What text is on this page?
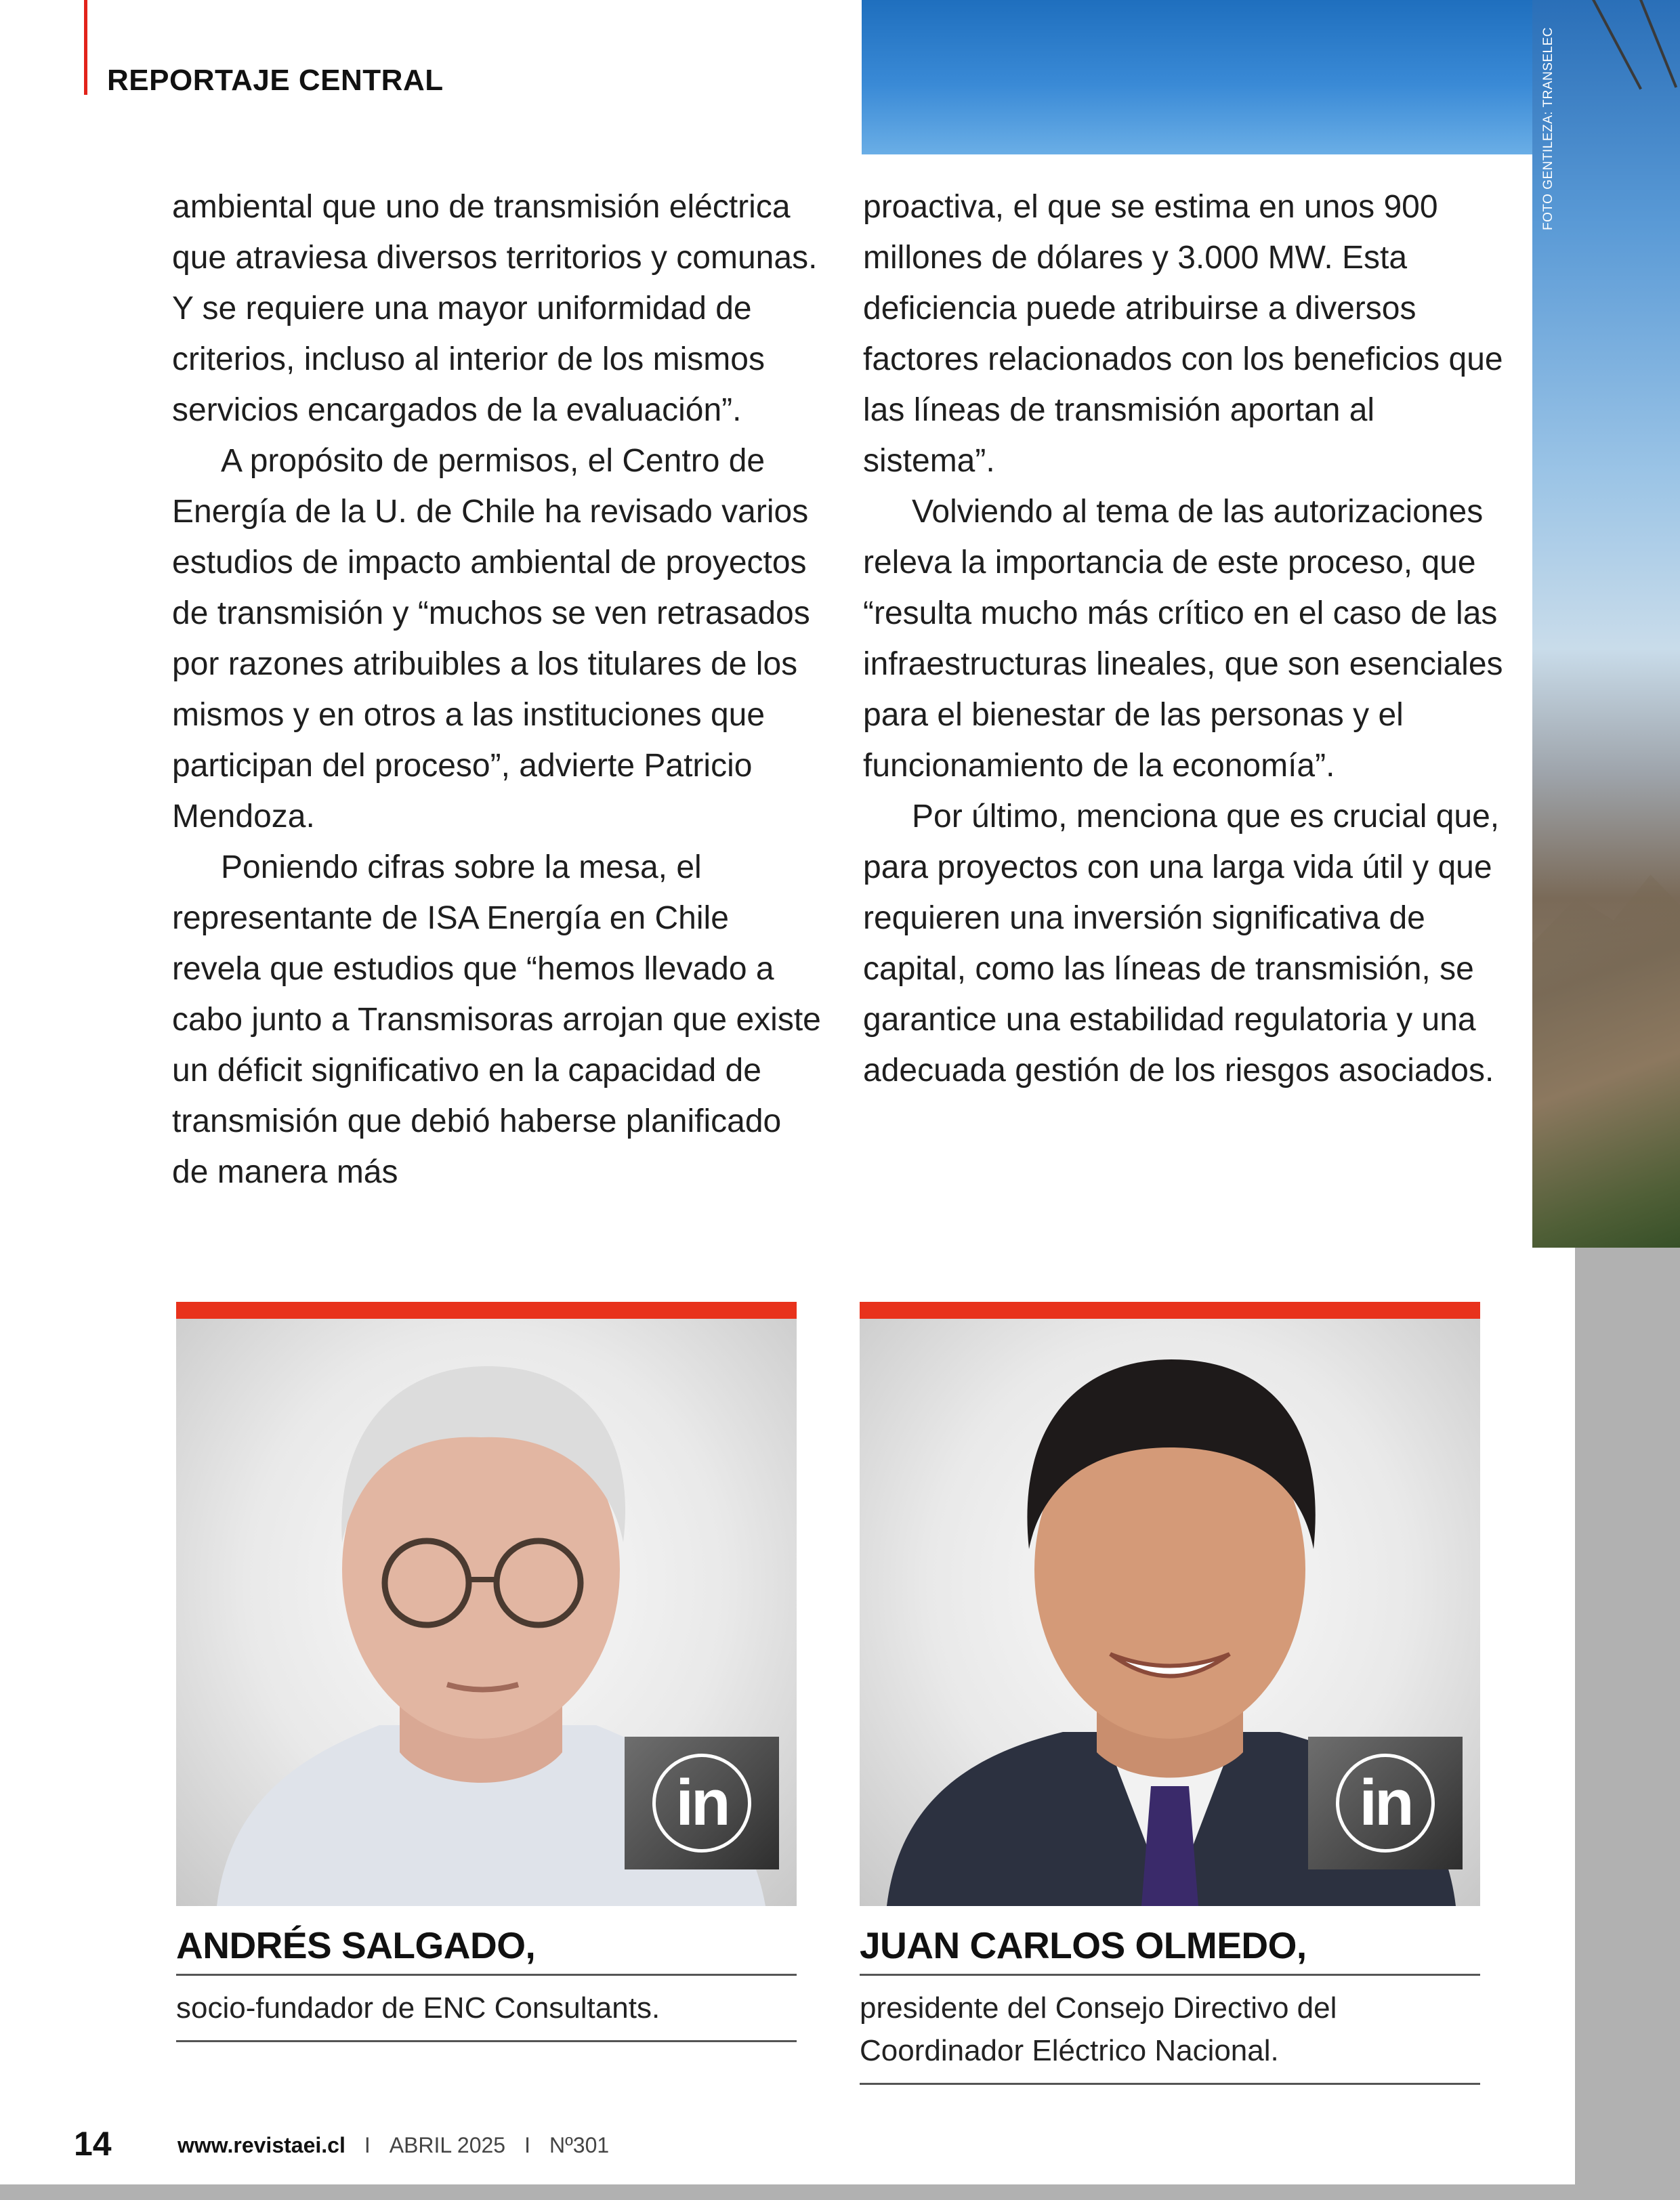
REPORTAJE CENTRAL

ambiental que uno de transmisión eléctrica que atraviesa diversos territorios y comunas. Y se requiere una mayor uniformidad de criterios, incluso al interior de los mismos servicios encargados de la evaluación”.

A propósito de permisos, el Centro de Energía de la U. de Chile ha revisado varios estudios de impacto ambiental de proyectos de transmisión y “muchos se ven retrasados por razones atribuibles a los titulares de los mismos y en otros a las instituciones que participan del proceso”, advierte Patricio Mendoza.

Poniendo cifras sobre la mesa, el representante de ISA Energía en Chile revela que estudios que “hemos llevado a cabo junto a Transmisoras arrojan que existe un déficit significativo en la capacidad de transmisión que debió haberse planificado de manera más

proactiva, el que se estima en unos 900 millones de dólares y 3.000 MW. Esta deficiencia puede atribuirse a diversos factores relacionados con los beneficios que las líneas de transmisión aportan al sistema”.

Volviendo al tema de las autorizaciones releva la importancia de este proceso, que “resulta mucho más crítico en el caso de las infraestructuras lineales, que son esenciales para el bienestar de las personas y el funcionamiento de la economía”.

Por último, menciona que es crucial que, para proyectos con una larga vida útil y que requieren una inversión significativa de capital, como las líneas de transmisión, se garantice una estabilidad regulatoria y una adecuada gestión de los riesgos asociados.

in
ANDRÉS SALGADO,
socio-fundador de ENC Consultants.
in
JUAN CARLOS OLMEDO,
presidente del Consejo Directivo del Coordinador Eléctrico Nacional.
14	www.revistaei.cl I ABRIL 2025 I Nº301
FOTO GENTILEZA: TRANSELEC
